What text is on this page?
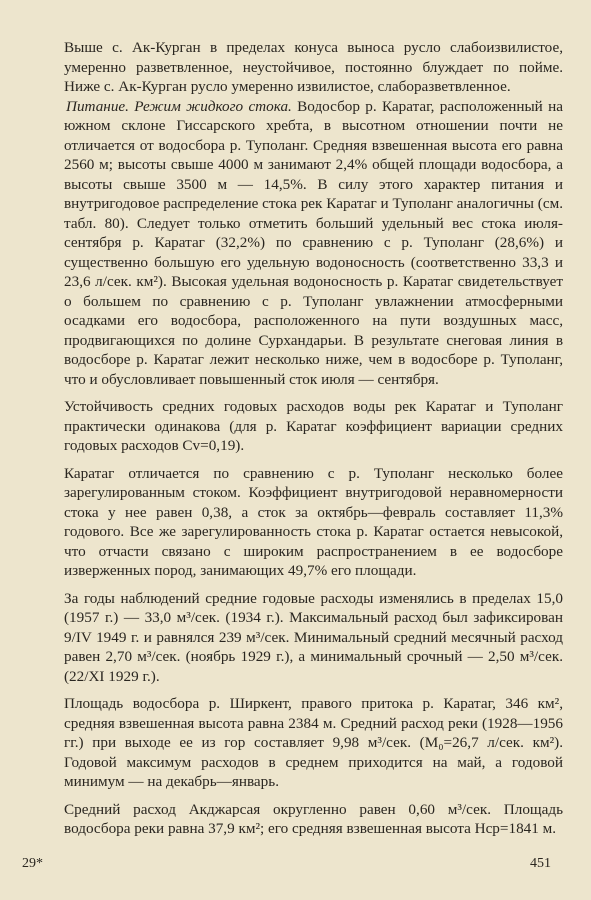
Выше с. Ак-Курган в пределах конуса выноса русло слабоизвилистое, умеренно разветвленное, неустойчивое, постоянно блуждает по пойме. Ниже с. Ак-Курган русло умеренно извилистое, слаборазветвленное.

Питание. Режим жидкого стока. Водосбор р. Каратаг, расположенный на южном склоне Гиссарского хребта, в высотном отношении почти не отличается от водосбора р. Туполанг. Средняя взвешенная высота его равна 2560 м; высоты свыше 4000 м занимают 2,4% общей площади водосбора, а высоты свыше 3500 м — 14,5%. В силу этого характер питания и внутригодовое распределение стока рек Каратаг и Туполанг аналогичны (см. табл. 80). Следует только отметить больший удельный вес стока июля-сентября р. Каратаг (32,2%) по сравнению с р. Туполанг (28,6%) и существенно большую его удельную водоносность (соответственно 33,3 и 23,6 л/сек. км²). Высокая удельная водоносность р. Каратаг свидетельствует о большем по сравнению с р. Туполанг увлажнении атмосферными осадками его водосбора, расположенного на пути воздушных масс, продвигающихся по долине Сурхандарьи. В результате снеговая линия в водосборе р. Каратаг лежит несколько ниже, чем в водосборе р. Туполанг, что и обусловливает повышенный сток июля — сентября.

Устойчивость средних годовых расходов воды рек Каратаг и Туполанг практически одинакова (для р. Каратаг коэффициент вариации средних годовых расходов Cv=0,19).

Каратаг отличается по сравнению с р. Туполанг несколько более зарегулированным стоком. Коэффициент внутригодовой неравномерности стока у нее равен 0,38, а сток за октябрь—февраль составляет 11,3% годового. Все же зарегулированность стока р. Каратаг остается невысокой, что отчасти связано с широким распространением в ее водосборе изверженных пород, занимающих 49,7% его площади.

За годы наблюдений средние годовые расходы изменялись в пределах 15,0 (1957 г.) — 33,0 м³/сек. (1934 г.). Максимальный расход был зафиксирован 9/IV 1949 г. и равнялся 239 м³/сек. Минимальный средний месячный расход равен 2,70 м³/сек. (ноябрь 1929 г.), а минимальный срочный — 2,50 м³/сек. (22/XI 1929 г.).

Площадь водосбора р. Ширкент, правого притока р. Каратаг, 346 км², средняя взвешенная высота равна 2384 м. Средний расход реки (1928—1956 гг.) при выходе ее из гор составляет 9,98 м³/сек. (M₀=26,7 л/сек. км²). Годовой максимум расходов в среднем приходится на май, а годовой минимум — на декабрь—январь.

Средний расход Акджарсая округленно равен 0,60 м³/сек. Площадь водосбора реки равна 37,9 км²; его средняя взвешенная высота Hср=1841 м.

29*	451
